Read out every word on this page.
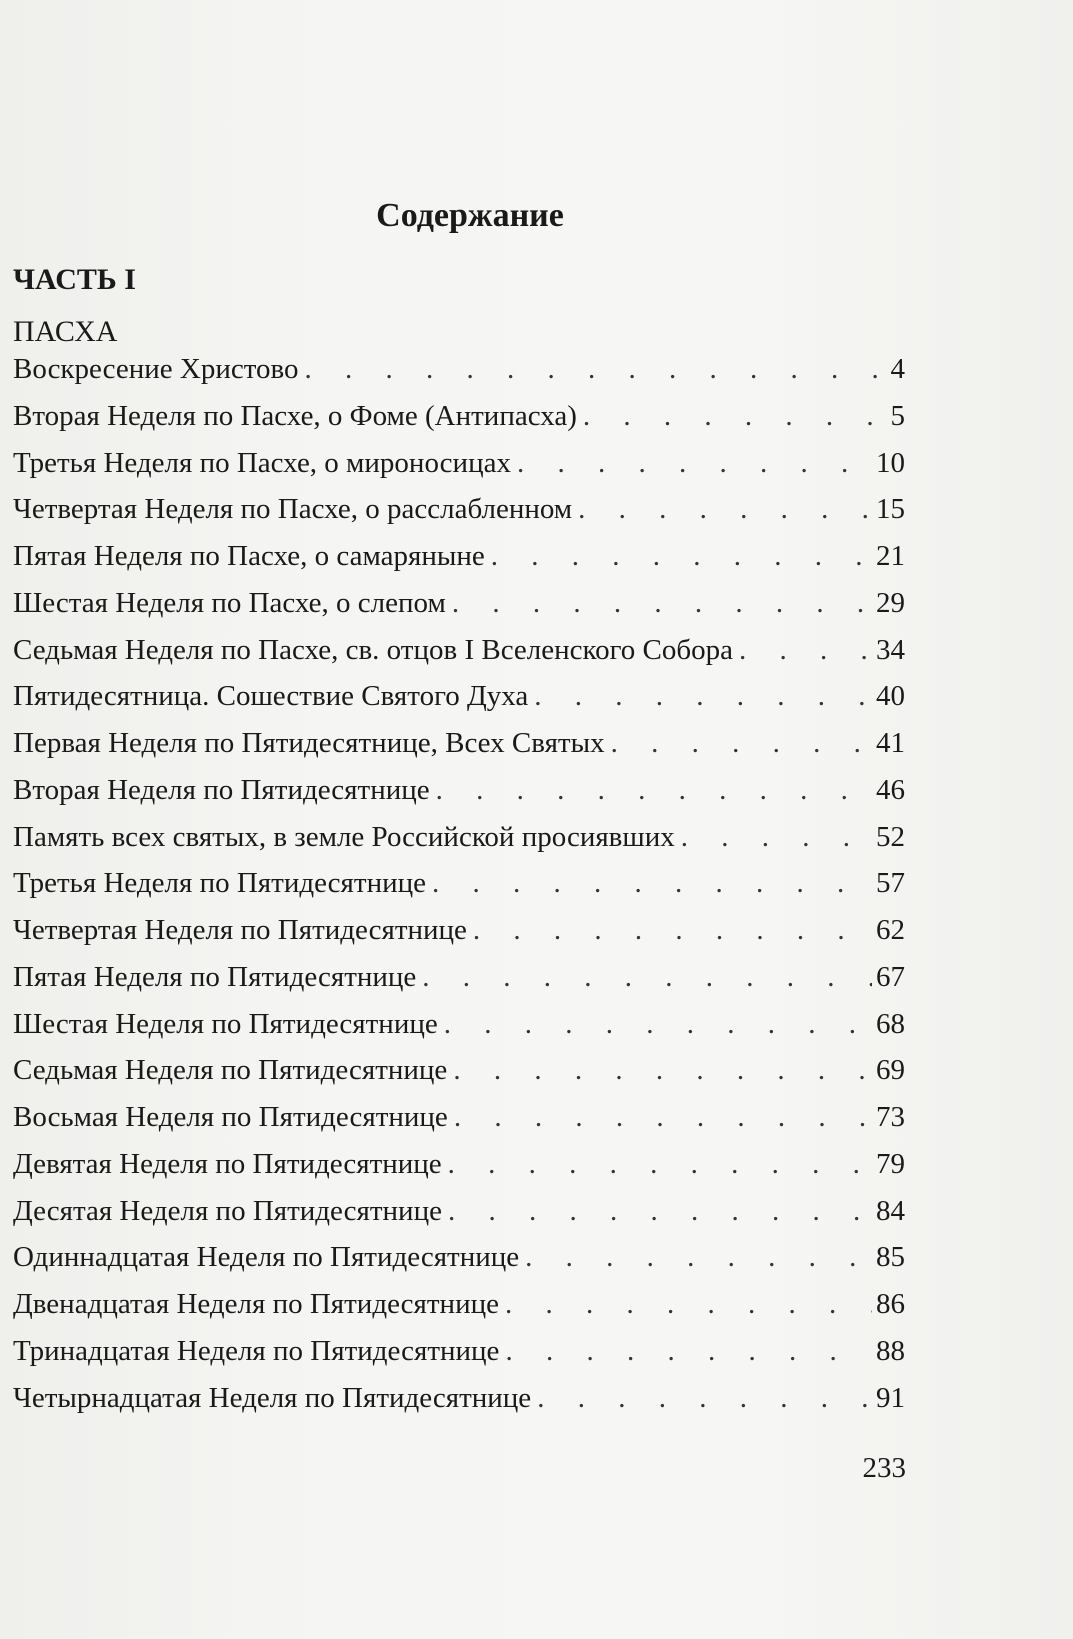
Содержание
ЧАСТЬ I
ПАСХА
Воскресение Христово . . .	4
Вторая Неделя по Пасхе, о Фоме (Антипасха) . . .	5
Третья Неделя по Пасхе, о мироносицах . . .	10
Четвертая Неделя по Пасхе, о расслабленном . . .	15
Пятая Неделя по Пасхе, о самаряныне . . .	21
Шестая Неделя по Пасхе, о слепом . . .	29
Седьмая Неделя по Пасхе, св. отцов I Вселенского Собора . . .	34
Пятидесятница. Сошествие Святого Духа . . .	40
Первая Неделя по Пятидесятнице, Всех Святых . . .	41
Вторая Неделя по Пятидесятнице . . .	46
Память всех святых, в земле Российской просиявших . . .	52
Третья Неделя по Пятидесятнице . . .	57
Четвертая Неделя по Пятидесятнице . . .	62
Пятая Неделя по Пятидесятнице . . .	67
Шестая Неделя по Пятидесятнице . . .	68
Седьмая Неделя по Пятидесятнице . . .	69
Восьмая Неделя по Пятидесятнице . . .	73
Девятая Неделя по Пятидесятнице . . .	79
Десятая Неделя по Пятидесятнице . . .	84
Одиннадцатая Неделя по Пятидесятнице . . .	85
Двенадцатая Неделя по Пятидесятнице . . .	86
Тринадцатая Неделя по Пятидесятнице . . .	88
Четырнадцатая Неделя по Пятидесятнице . . .	91
233
